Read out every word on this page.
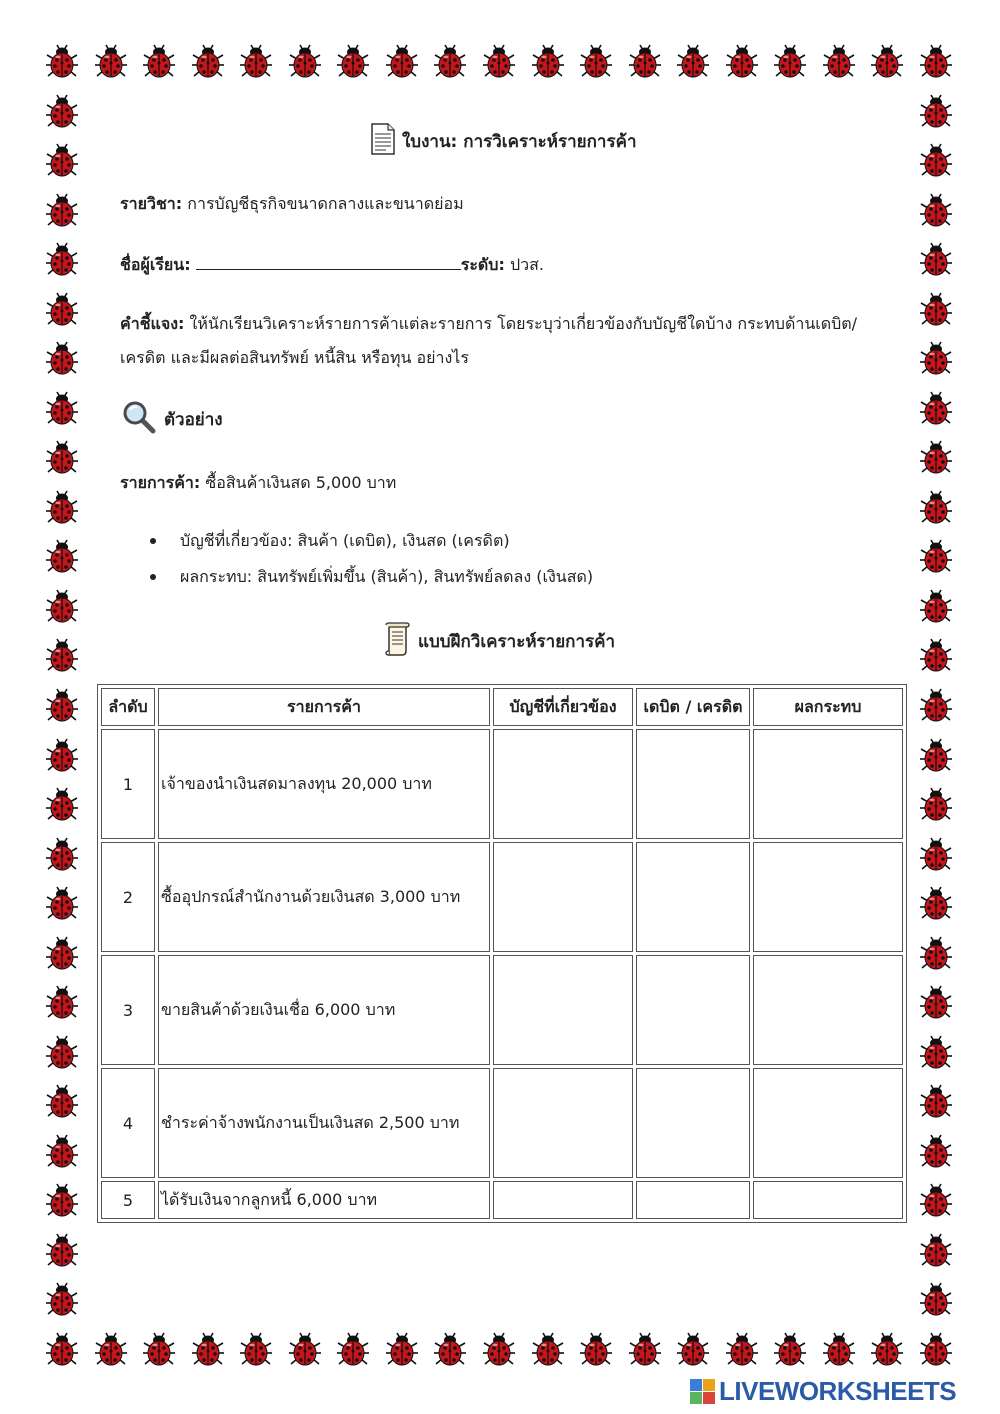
ใบงาน: การวิเคราะห์รายการค้า
รายวิชา: การบัญชีธุรกิจขนาดกลางและขนาดย่อม
ชื่อผู้เรียน:	ระดับ: ปวส.
คำชี้แจง: ให้นักเรียนวิเคราะห์รายการค้าแต่ละรายการ โดยระบุว่าเกี่ยวข้องกับบัญชีใดบ้าง กระทบด้านเดบิต/
เครดิต และมีผลต่อสินทรัพย์ หนี้สิน หรือทุน อย่างไร
ตัวอย่าง
รายการค้า: ซื้อสินค้าเงินสด 5,000 บาท
บัญชีที่เกี่ยวข้อง: สินค้า (เดบิต), เงินสด (เครดิต)
ผลกระทบ: สินทรัพย์เพิ่มขึ้น (สินค้า), สินทรัพย์ลดลง (เงินสด)
แบบฝึกวิเคราะห์รายการค้า
ลำดับ	รายการค้า	บัญชีที่เกี่ยวข้อง	เดบิต / เครดิต	ผลกระทบ
1	เจ้าของนำเงินสดมาลงทุน 20,000 บาท			
2	ซื้ออุปกรณ์สำนักงานด้วยเงินสด 3,000 บาท			
3	ขายสินค้าด้วยเงินเชื่อ 6,000 บาท			
4	ชำระค่าจ้างพนักงานเป็นเงินสด 2,500 บาท			
5	ได้รับเงินจากลูกหนี้ 6,000 บาท			
LIVEWORKSHEETS
